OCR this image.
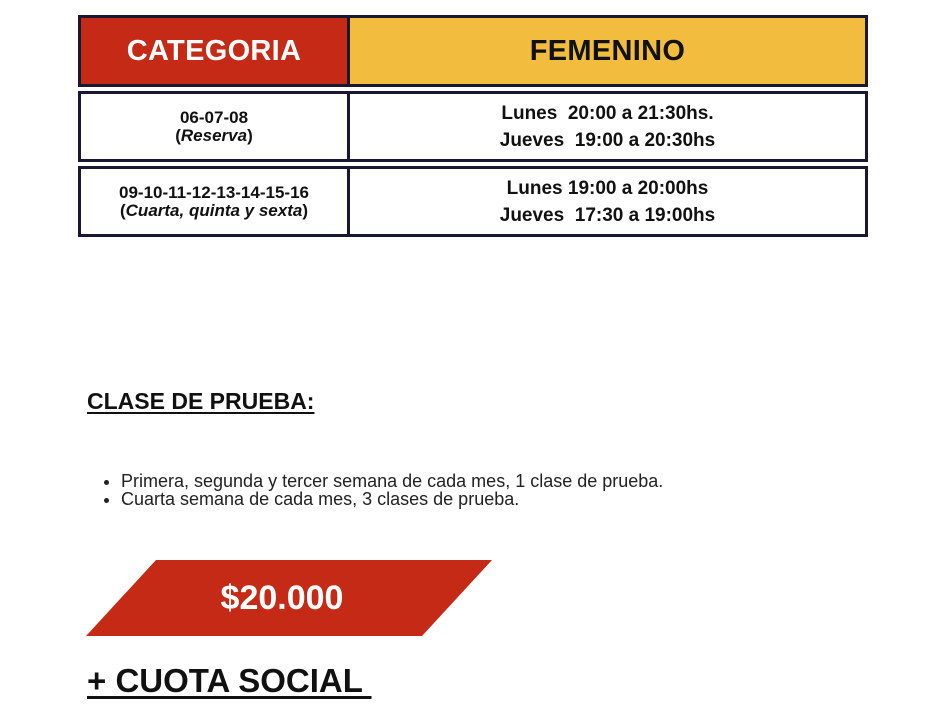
CATEGORIA	FEMENINO
06-07-08
(Reserva)
Lunes  20:00 a 21:30hs.
Jueves  19:00 a 20:30hs
09-10-11-12-13-14-15-16
(Cuarta, quinta y sexta)
Lunes 19:00 a 20:00hs
Jueves  17:30 a 19:00hs
CLASE DE PRUEBA:
• Primera, segunda y tercer semana de cada mes, 1 clase de prueba.
• Cuarta semana de cada mes, 3 clases de prueba.
$20.000
+ CUOTA SOCIAL
